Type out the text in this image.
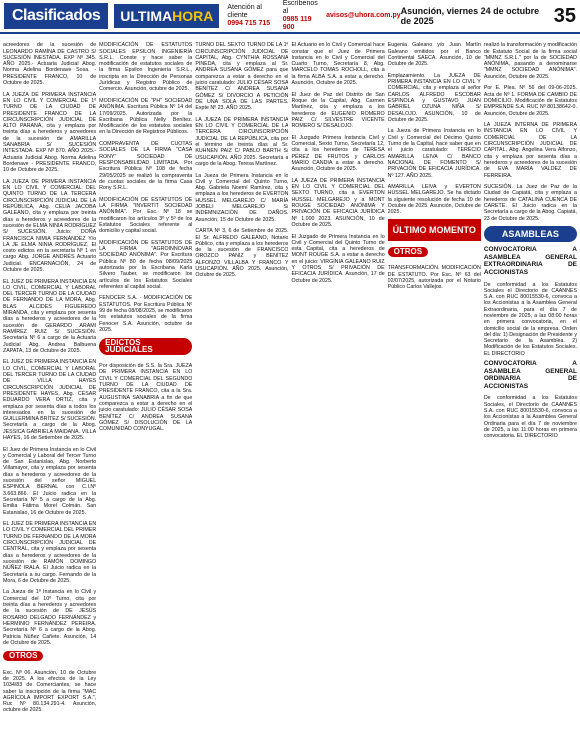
Clasificados	ULTIMAHORA
Atención al cliente
0994 715 715
Escríbenos al
0985 119 900
avisos@uhora.com.py Asunción, viernes 24 de octubre de 2025	35

acreedores de la sucesión de LEONARDO RAMÍNA DE CASTRO S/ SUCESIÓN INESTADA. EXP Nº 345. AÑO 2025.- Actuaria Judicial Abog. Norma Adelina Bordenave Sosa. - PRESIDENTE FRANCO, 10 de Octubre de 2025.

LA JUEZA DE PRIMERA INSTANCIA EN LO CIVIL Y COMERCIAL DE 1º TURNO DE LA CIUDAD DE PRESIDENTE FRANCO DE LA CIRCUNSCRIPCIÓN JUDICIAL DE ALTO PARANÁ, cita y emplaza por treinta días a herederos y acreedores de la sucesión de AMARILLA SANABRIA S/ SUCESIÓN INTESTADA. EXP Nº 870. AÑO 2025.- Actuaria Judicial Abog. Norma Adelina Bordenave - PRESIDENTE FRANCO, 10 de Octubre de 2025.

LA JUEZA DE PRIMERA INSTANCIA EN LO CIVIL Y COMERCIAL DEL QUINTO TURNO DE LA TERCERA CIRCUNSCRIPCIÓN JUDICIAL DE LA REPÚBLICA, Abg. CELIA JACOBA GALEANO, cita y emplaza por treinta días a herederos y acreedores de la sucesión de ELMA NINIA RODRÍGUEZ S/ SUCESIÓN. Juicio: DOÑA FRANCISCA NIMIA FERNÁNDEZ Y/o LA JE ELMA NINIA RODRÍGUEZ. El costo edictos en la secretaría Nº 1 en cargo Abg. JORGE ANDRÉS Actuario Judicial. ENCARNACIÓN, 24 de Octubre de 2025.

EL JUEZ DE PRIMERA INSTANCIA EN LO CIVIL, COMERCIAL Y LABORAL DEL TERCER TURNO DE LA CIUDAD DE FERNANDO DE LA MORA, Abg. BLAS ALCIDES FIGUEREDO MIRANDA, cita y emplaza por sesenta días a herederos y acreedores de la sucesión de GERARDO ARAMI RAMÍREZ RUIZ S/ SUCESIÓN. Secretaría Nº 6 a cargo de la Actuaria Judicial Abg. Andrea Balbuena ZAPATA, 13 de Octubre de 2025.

EL JUEZ DE PRIMERA INSTANCIA EN LO CIVIL, COMERCIAL Y LABORAL DEL TERCER TURNO DE LA CIUDAD DE VILLA HAYES CIRCUNSCRIPCIÓN JUDICIAL DE PRESIDENTE HAYES, Abg. CÉSAR EDUARDO VERA ORTIZ, cita y emplaza por sesenta días a todos los interesados en la sucesión de GUILLERMINA BRÍTEZ S/ SUCESIÓN. Secretaría a cargo de la Abog. JESSICA GABRIELA MAIDANA. VILLA HAYES, 16 de Setiembre de 2025.

El Juez de Primera Instancia en lo Civil y Comercial y Laboral del Tercer Turno de San Estanislao, Abg. Norberto Villamayor, cita y emplaza por sesenta días a herederos y acreedores de la sucesión del señor MIGUEL ESPINOLA BERNAL con C.I.Nº 3.663.866. El Juicio radica en la Secretaría Nº 5 a cargo de la Abg. Emilia Fátima Morel Colmán. San Estanislao, 16 de Octubre de 2025.

EL JUEZ DE PRIMERA INSTANCIA EN LO CIVIL Y COMERCIAL DEL PRIMER TURNO DE FERNANDO DE LA MORA CIRCUNSCRIPCIÓN JUDICIAL DE CENTRAL, cita y emplaza por sesenta días a herederos y acreedores de la sucesión de RAMÓN DOMINGO NÚÑEZ IRALA. El Juicio radica en la Secretaría a su cargo. Fernando de la Mora, 6 de Octubre de 2025.

La Jueza de 1ª Instancia en lo Civil y Comercial del 10º Turno, cita por treinta días a herederos y acreedores de la sucesión de DE JESÚS ROSARIO DELGADO FERNÁNDEZ y HERMINIO FERNÁNDEZ PEREIRA. Secretaría Nº 6 a cargo de la Abog. Patricia Núñez Cañete. Asunción, 14 de Octubre de 2025.

OTROS

Exc. Nº 06. Asunción, 10 de Octubre de 2025. A los efectos de la Ley 1034/83 de Comerciantes, se hace saber la inscripción de la firma "MAC AGRÍCOLA IMPORT EXPORT S.A.", Ruc Nº 80.134.291-4. Asunción, octubre de 2025.

MODIFICACIÓN DE ESTATUTOS SOCIALES EPSILON INGENIERÍA S.R.L. Conste y hace saber la modificación de estatutos sociales de la firma Epsilon Ingeniería S.R.L., inscripta en la Dirección de Personas Jurídicas y Registro Público de Comercio. Asunción, octubre de 2025.

MODIFICACIÓN DE "PH" SOCIEDAD ANÓNIMA. Escritura Pública Nº 14 del 17/09/2025. Autorizada por la Escribana Pública Nelly Benítez. Modificación de los estatutos sociales en la Dirección de Registros Públicos.

COMPRAVENTA DE CUOTAS SOCIALES DE LA FIRMA "CASA RONY" SOCIEDAD DE RESPONSABILIDAD LIMITADA. Por Escritura Pública Nº 108 de fecha 29/05/2025 se realizó la compraventa de cuotas sociales de la firma Casa Rony S.R.L.

MODIFICACIÓN DE ESTATUTOS DE LA FIRMA "INVERTIT SOCIEDAD ANÓNIMA". Por Esc. Nº 18 se modificaron los artículos 3º y 5º de los Estatutos Sociales referente al domicilio y capital social.

MODIFICACIÓN DE ESTATUTOS DE LA FIRMA "AGROINNOVAR SOCIEDAD ANÓNIMA". Por Escritura Pública Nº 80 de fecha 08/09/2025 autorizada por la Escribana Karla Silvero Tauber, se modificaron los artículos de los Estatutos Sociales referentes al capital social.

FENOCER S.A. - MODIFICACIÓN DE ESTATUTOS. Por Escritura Pública Nº 99 de fecha 08/08/2025, se modificaron los estatutos sociales de la firma Fenocer S.A. Asunción, octubre de 2025.

EDICTOS JUDICIALES

Por disposición de S.S. la Sra. JUEZA DE PRIMERA INSTANCIA EN LO CIVIL Y COMERCIAL DEL SEGUNDO TURNO DE LA CIUDAD DE PRESIDENTE FRANCO, cita a la Sra. AUGUSTINA SANABRIA a fin de que comparezca a estar a derecho en el juicio caratulado: JULIO CÉSAR SOSA BENÍTEZ C/ ANDREA SUSANA GÓMEZ S/ DISOLUCIÓN DE LA COMUNIDAD CONYUGAL.

TURNO DEL SEXTO TURNO DE LA 1ª CIRCUNSCRIPCIÓN JUDICIAL DE CAPITAL, Abg. CYNTHIA ROSSANA PINEDA, cita y emplaza al Sr. ANDREA SUSANA GÓMEZ para que comparezca a estar a derecho en el juicio caratulado: JULIO CÉSAR SOSA BENÍTEZ C/ ANDREA SUSANA GÓMEZ S/ DIVORCIO A PETICIÓN DE UNA SOLA DE LAS PARTES. Expte Nº 23. AÑO 2025.

LA JUEZA DE PRIMERA INSTANCIA EN LO CIVIL Y COMERCIAL DE LA TERCERA CIRCUNSCRIPCIÓN JUDICIAL DE LA REPÚBLICA, cita por el término de treinta días al Sr. KUHNEN PAIZ C/ PABLO BARTH S/ USUCAPIÓN. AÑO 2025. Secretaría a cargo de la Abog. Teresa Martínez.

La Jueza de Primera Instancia en lo Civil y Comercial del Quinto Turno, Abg. Gabriela Noemí Ramírez, cita y emplaza a los herederos de EVERTON HUSSEL MELGAREJO C/ MARÍA JOBELI MELGAREJO S/ INDEMNIZACIÓN DE DAÑOS. Asunción, 15 de Octubre de 2025.

CARTA Nº 3, 6 de Setiembre de 2025. El Sr. ALFREDO GALEANO, Notario Público, cita y emplaza a los herederos de la sucesión de FRANCISCO OROZCO PANIZ y BENÍTEZ ALFONZO VILLALBA Y FRANCO Y USUCAPIÓN. AÑO 2025. Asunción, Octubre de 2025.

El Actuario en lo Civil y Comercial hace constar que el Juez de Primera Instancia en lo Civil y Comercial del Cuarto Turno, Secretaría 8, Abg. MARCELO TOMAS ROCHOLL, cita a la firma ALBA S.A. a estar a derecho. Asunción, Octubre de 2025.

El Juez de Paz del Distrito de San Roque de la Capital, Abg. Carmen Martínez, cita y emplaza a los herederos de EUGENIO ROMERO PAIZ C/ SILVESTRE VICENTE ROMERO S/ DESALOJO.

El Juzgado Primera Instancia Civil y Comercial, Sexto Turno, Secretaría 12, cita a los herederos de TERESA PÉREZ DE FRUTOS y CARLOS MARIO CANDIA a estar a derecho. Asunción, Octubre de 2025.

LA JUEZA DE PRIMERA INSTANCIA EN LO CIVIL Y COMERCIAL DEL SEXTO TURNO, cita a EVERTON HUSSEL MELGAREJO y a MONT ROUGE SOCIEDAD ANÓNIMA Y PRIVACIÓN DE EFICACIA JURÍDICA Nº 1.000 2023. ASUNCIÓN, 10 de Octubre de 2025.

El Juzgado de Primera Instancia en lo Civil y Comercial del Quinto Turno de esta Capital, cita a herederos de MONT ROUGE S.A. a estar a derecho en el juicio: VIRGINIA GALEANO RUIZ Y OTROS S/ PRIVACIÓN DE EFICACIA JURÍDICA. Asunción, 17 de Octubre de 2025.

Eugenia Galeano y/o Juan Martín Galeano emitidos por el Banco Continental SAECA. Asunción, 10 de Octubre de 2025.

Emplazamiento. La JUEZA DE PRIMERA INSTANCIA EN LO CIVIL Y COMERCIAL, cita y emplaza al señor CARLOS ALFREDO ESCOBAR ESPINOLA y GUSTAVO JUAN GABRIEL OZUNA NIÑA S/ DESALOJO. ASUNCIÓN, 10 de Octubre de 2025.

La Jueza de Primera Instancia en lo Civil y Comercial del Décimo Quinto Turno de la Capital, hace saber que en el juicio caratulado: TERECIO AMARILLA LEIVA C/ BANCO NACIONAL DE FOMENTO S/ PRIVACIÓN DE EFICACIA JURÍDICA. Nº 127. AÑO 2025.

AMARILLA LEIVA y EVERTON HUSSEL MELGAREJO. Se ha dictado la siguiente resolución de fecha 10 de Octubre de 2025. Asunción, Octubre de 2025.

ÚLTIMO MOMENTO
OTROS

TRANSFORMACIÓN. MODIFICACIÓN DE ESTATUTO. Por Esc. Nº 63 del 02/07/2025, autorizada por el Notario Público Carlos Vallejos.

realizó la transformación y modificación de Estatuto Social de la firma social "MMNZ S.R.L." por la de SOCIEDAD ANÓNIMA, pasando a denominarse "MMNZ SOCIEDAD ANÓNIMA". Asunción, Octubre de 2025.

Por E. Plea. Nº 56 del 09-06-2025. Acta de Nº 1. FORMA DE CAMBIO DE DOMICILIO. Modificación de Estatutos EMPRENDE S.A. RUC Nº 80138642-0. Asunción, Octubre de 2025.

LA JUEZA INTERNA DE PRIMERA INSTANCIA EN LO CIVIL Y COMERCIAL DE LA CIRCUNSCRIPCIÓN JUDICIAL DE CAPITAL, Abg. Angelina Vera Alfonzo, cita y emplaza por sesenta días a herederos y acreedores de la sucesión de EVA MARÍA VALDEZ DE FERREIRA.

SUCESIÓN. La Juez de Paz de la Ciudad de Capiatá, cita y emplaza a herederos de CATALINA CUENCA DE CARETE. El Juicio radica en la Secretaría a cargo de la Abog. Capiatá, 23 de Octubre de 2025.

ASAMBLEAS
CONVOCATORIA A ASAMBLEA GENERAL EXTRAORDINARIA DE ACCIONISTAS

De conformidad a los Estatutos Sociales el Directorio de CAANNES S.A. con RUC 80015530-6, convoca a los Accionistas a la Asamblea General Extraordinaria, para el día 7 de noviembre de 2025, a las 08:00 horas en primera convocatoria, en el domicilio social de la empresa. Orden del día: 1) Designación de Presidente y Secretario de la Asamblea. 2) Modificación de los Estatutos Sociales. EL DIRECTORIO

CONVOCATORIA A ASAMBLEA GENERAL ORDINARIA DE ACCIONISTAS

De conformidad a los Estatutos Sociales, el Directorio de CAANNES S.A. con RUC 80015530-6, convoca a los Accionistas a la Asamblea General Ordinaria para el día 7 de noviembre de 2025, a las 11:00 horas en primera convocatoria. EL DIRECTORIO
